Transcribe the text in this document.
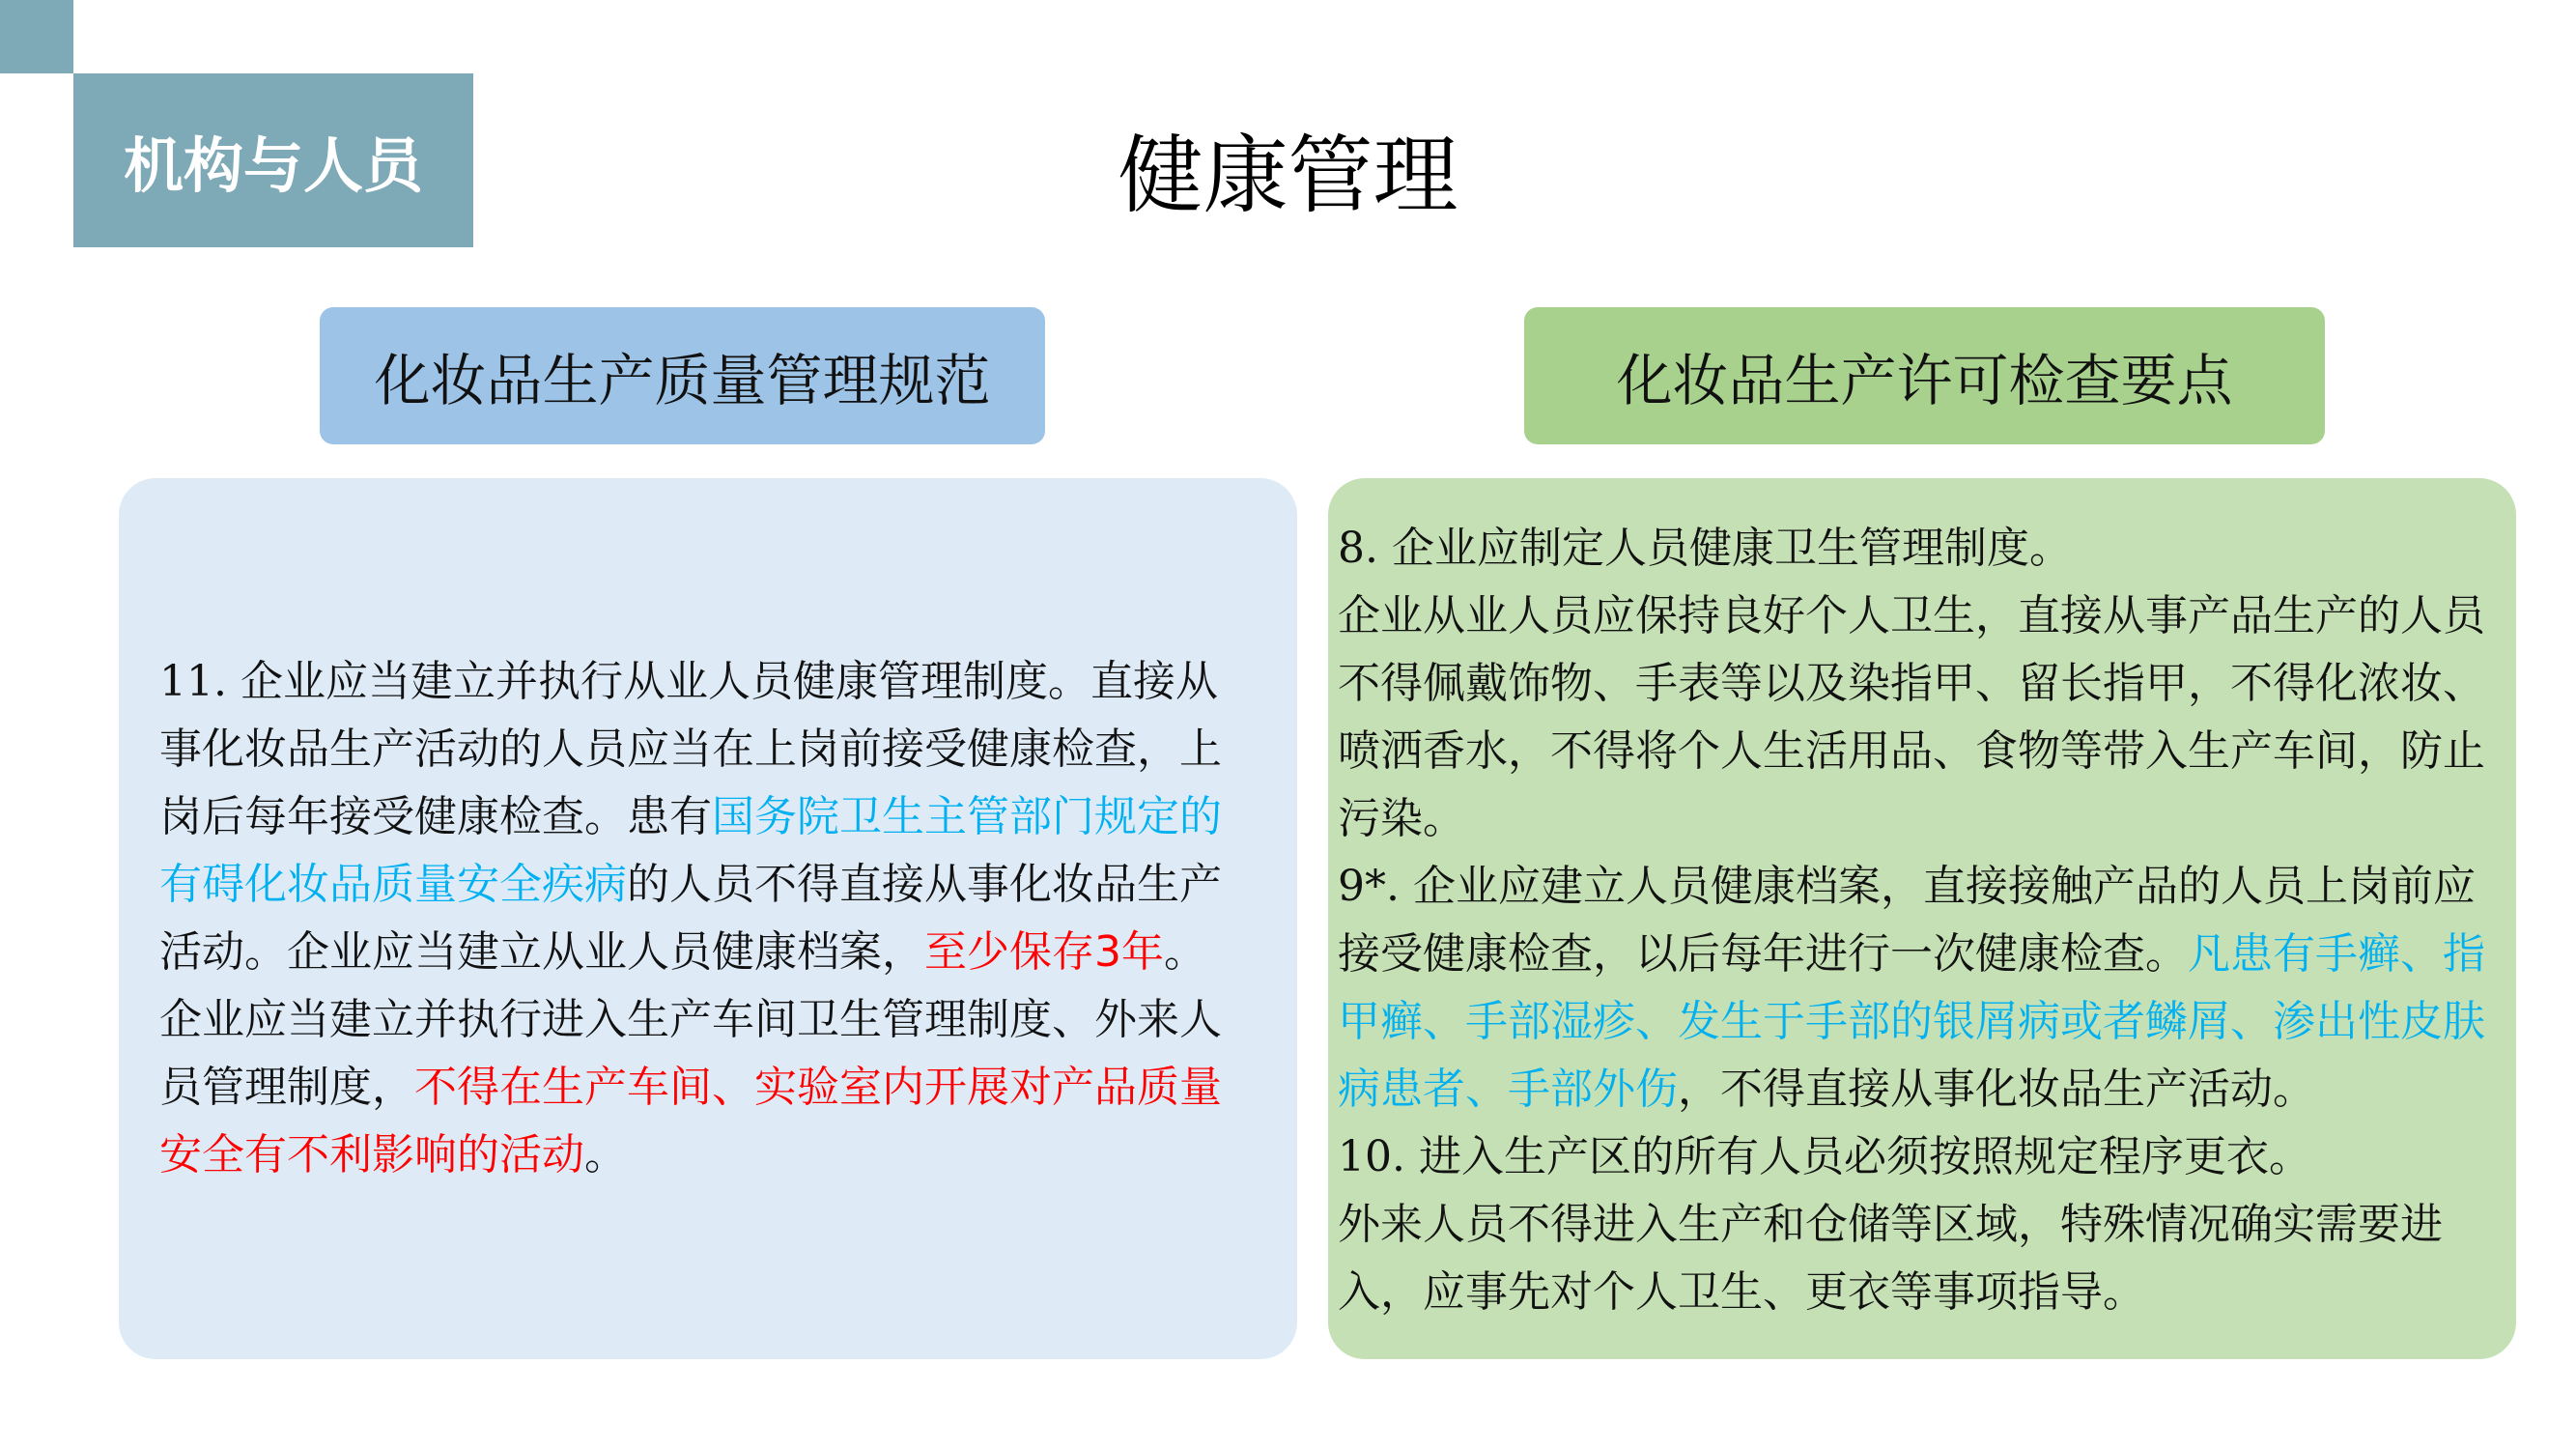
机构与人员	健康管理
化妆品生产质量管理规范	化妆品生产许可检查要点

11. 企业应当建立并执行从业人员健康管理制度。直接从事化妆品生产活动的人员应当在上岗前接受健康检查，上岗后每年接受健康检查。患有国务院卫生主管部门规定的有碍化妆品质量安全疾病的人员不得直接从事化妆品生产活动。企业应当建立从业人员健康档案，至少保存3年。

企业应当建立并执行进入生产车间卫生管理制度、外来人员管理制度，不得在生产车间、实验室内开展对产品质量安全有不利影响的活动。

8. 企业应制定人员健康卫生管理制度。

企业从业人员应保持良好个人卫生，直接从事产品生产的人员不得佩戴饰物、手表等以及染指甲、留长指甲，不得化浓妆、喷洒香水，不得将个人生活用品、食物等带入生产车间，防止污染。

9*. 企业应建立人员健康档案，直接接触产品的人员上岗前应接受健康检查，以后每年进行一次健康检查。凡患有手癣、指甲癣、手部湿疹、发生于手部的银屑病或者鳞屑、渗出性皮肤病患者、手部外伤，不得直接从事化妆品生产活动。

10. 进入生产区的所有人员必须按照规定程序更衣。

外来人员不得进入生产和仓储等区域，特殊情况确实需要进入，应事先对个人卫生、更衣等事项指导。
